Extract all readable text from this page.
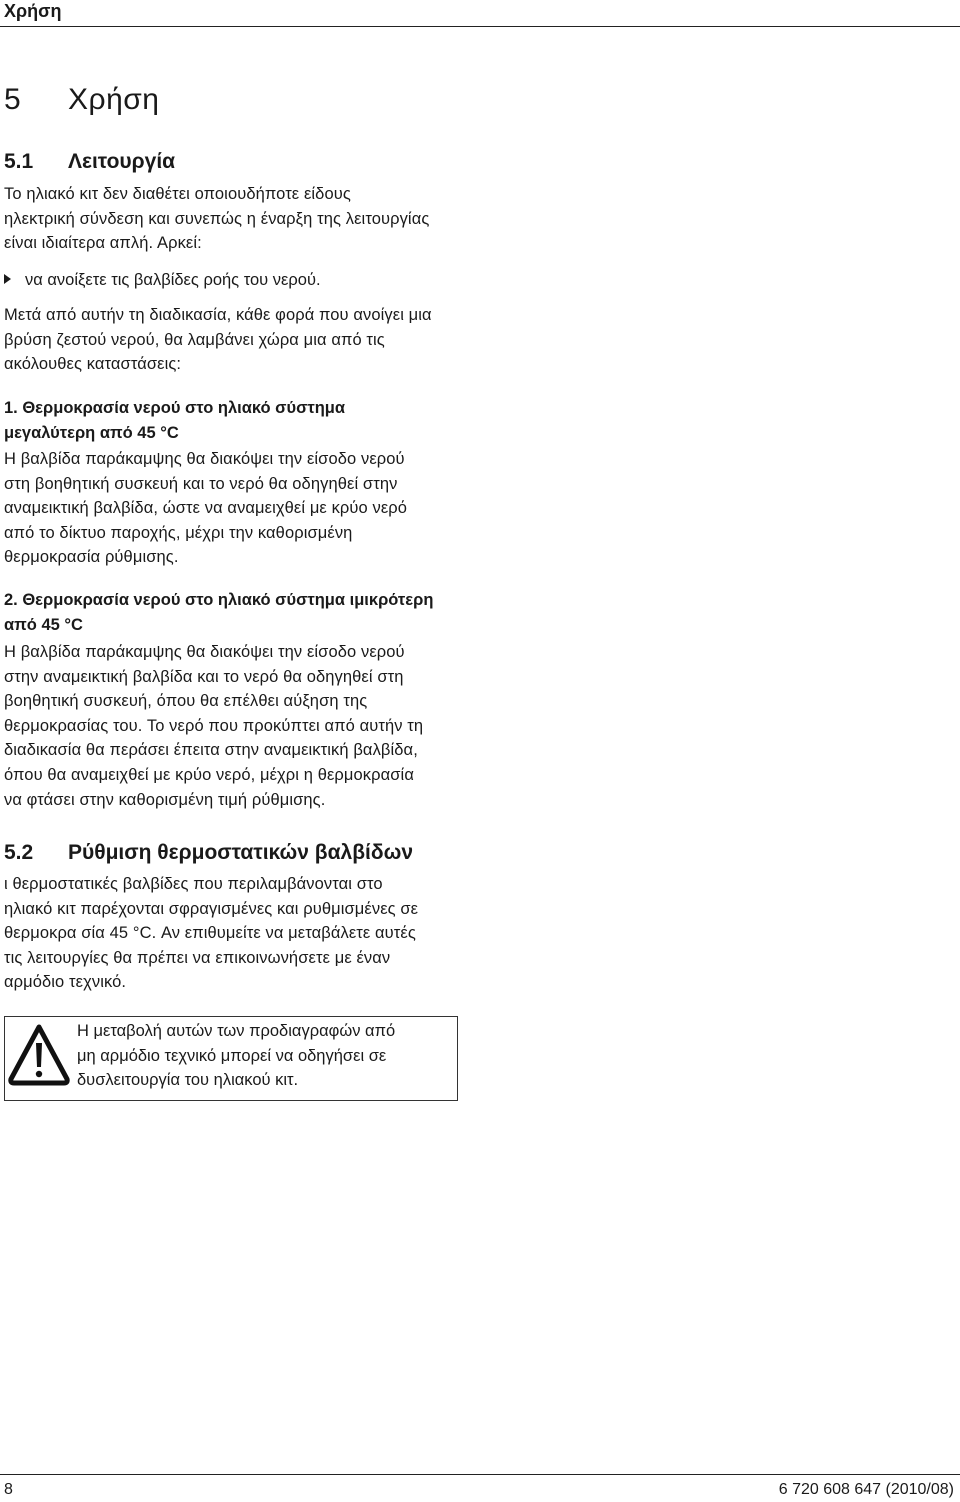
Χρήση
5 Χρήση
5.1 Λειτουργία
Το ηλιακό κιτ δεν διαθέτει οποιουδήποτε είδους
ηλεκτρική σύνδεση και συνεπώς η έναρξη της λειτουργίας
είναι ιδιαίτερα απλή. Αρκεί:
να ανοίξετε τις βαλβίδες ροής του νερού.
Μετά από αυτήν τη διαδικασία, κάθε φορά που ανοίγει μια
βρύση ζεστού νερού, θα λαμβάνει χώρα μια από τις
ακόλουθες καταστάσεις:
1. Θερμοκρασία νερού στο ηλιακό σύστημα
μεγαλύτερη από 45 °C
Η βαλβίδα παράκαμψης θα διακόψει την είσοδο νερού
στη βοηθητική συσκευή και το νερό θα οδηγηθεί στην
αναμεικτική βαλβίδα, ώστε να αναμειχθεί με κρύο νερό
από το δίκτυο παροχής, μέχρι την καθορισμένη
θερμοκρασία ρύθμισης.
2. Θερμοκρασία νερού στο ηλιακό σύστημα ιμικρότερη
από 45 °C
Η βαλβίδα παράκαμψης θα διακόψει την είσοδο νερού
στην αναμεικτική βαλβίδα και το νερό θα οδηγηθεί στη
βοηθητική συσκευή, όπου θα επέλθει αύξηση της
θερμοκρασίας του. Το νερό που προκύπτει από αυτήν τη
διαδικασία θα περάσει έπειτα στην αναμεικτική βαλβίδα,
όπου θα αναμειχθεί με κρύο νερό, μέχρι η θερμοκρασία
να φτάσει στην καθορισμένη τιμή ρύθμισης.
5.2 Ρύθμιση θερμοστατικών βαλβίδων
ι θερμοστατικές βαλβίδες που περιλαμβάνονται στο
ηλιακό κιτ παρέχονται σφραγισμένες και ρυθμισμένες σε
θερμοκρα σία 45 °C. Αν επιθυμείτε να μεταβάλετε αυτές
τις λειτουργίες θα πρέπει να επικοινωνήσετε με έναν
αρμόδιο τεχνικό.
Η μεταβολή αυτών των προδιαγραφών από
μη αρμόδιο τεχνικό μπορεί να οδηγήσει σε
δυσλειτουργία του ηλιακού κιτ.
8	6 720 608 647 (2010/08)
